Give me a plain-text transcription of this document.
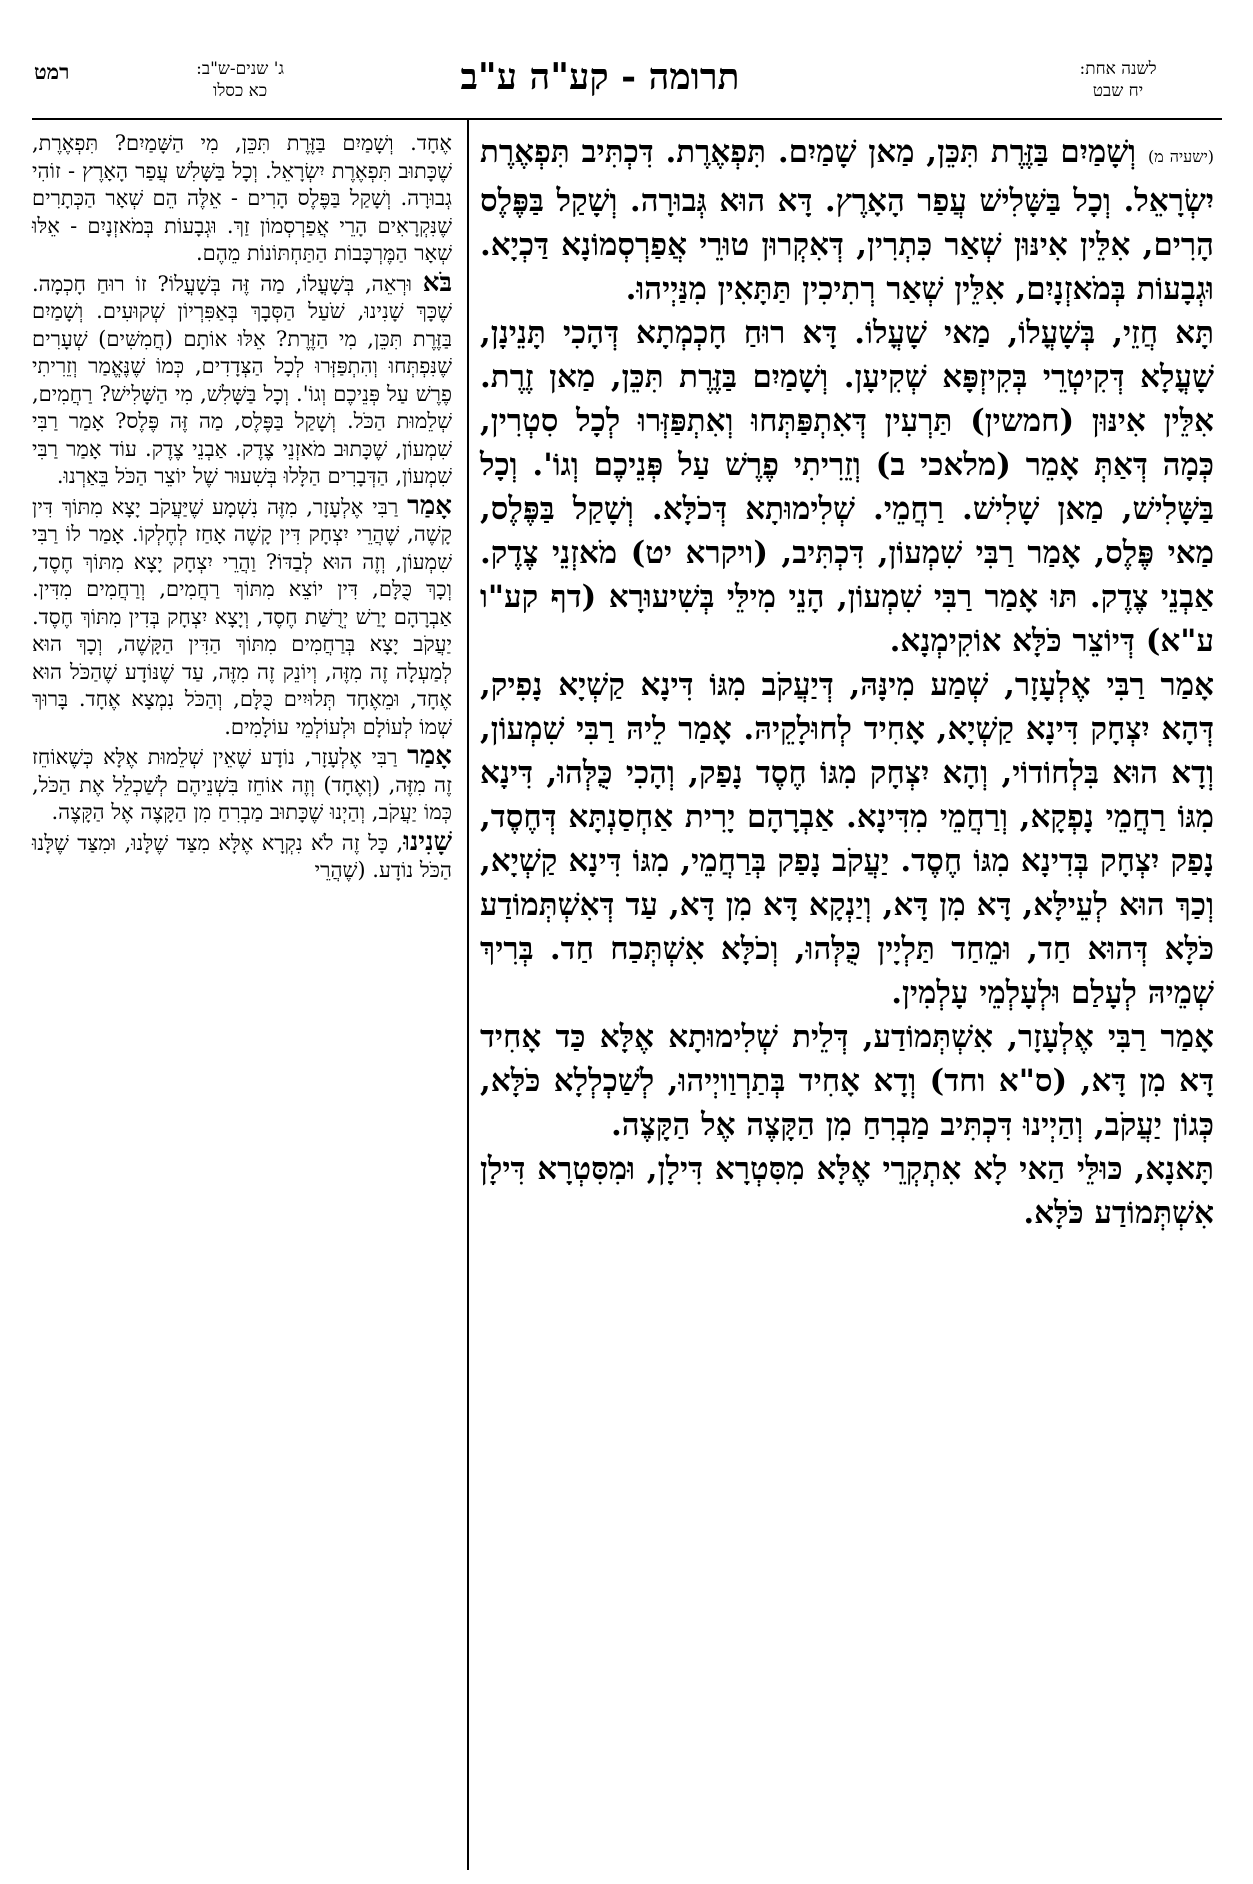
רמט	ג' שנים-ש"ב:
כא כסלו	תרומה - קע"ה ע"ב	לשנה אחת:
יח שבט

(ישעיה מ) וְשָׁמַיִם בַּזֶּרֶת תִּכֵּן, מַאן שָׁמַיִם. תִּפְאֶרֶת. דִּכְתִּיב תִּפְאֶרֶת יִשְׂרָאֵל. וְכָל בַּשָּׁלִישׁ עֲפַר הָאָרֶץ. דָּא הוּא גְּבוּרָה. וְשָׁקַל בַּפֶּלֶס הָרִים, אִלֵּין אִינּוּן שְׁאַר כִּתְרִין, דְּאִקְרוּן טוּרֵי אֲפַרְסְמוֹנָא דַּכְיָא. וּגְבָעוֹת בְּמֹאזְנָיִם, אִלֵּין שְׁאַר רְתִיכִין תַּתָּאִין מִנַּיְיהוּ.

תָּא חֲזֵי, בְּשָׁעֳלוֹ, מַאי שָׁעֳלוֹ. דָּא רוּחַ חָכְמְתָא דְּהָכִי תָּנֵינָן, שָׁעֳלָא דְּקִיטְרֵי בְּקִיזְפָּא שְׁקִיעָן. וְשָׁמַיִם בַּזֶּרֶת תִּכֵּן, מַאן זֶרֶת. אִלֵּין אִינּוּן (חמשין) תַּרְעִין דְּאִתְפַּתְּחוּ וְאִתְפַּזְּרוּ לְכָל סִטְרִין, כְּמָה דְּאַתְּ אָמֵר (מלאכי ב) וְזֵרִיתִי פֶרֶשׁ עַל פְּנֵיכֶם וְגוֹ'. וְכָל בַּשָּׁלִישׁ, מַאן שָׁלִישׁ. רַחֲמֵי. שְׁלִימוּתָא דְּכֹלָּא. וְשָׁקַל בַּפֶּלֶס, מַאי פֶּלֶס, אָמַר רַבִּי שִׁמְעוֹן, דִּכְתִּיב, (ויקרא יט) מֹאזְנֵי צֶדֶק. אַבְנֵי צֶדֶק. תּוּ אָמַר רַבִּי שִׁמְעוֹן, הָנֵי מִילֵּי בְּשִׁיעוּרָא (דף קע"ו ע"א) דְּיוֹצֵר כֹּלָּא אוֹקִימְנָא.

אָמַר רַבִּי אֶלְעָזָר, שְׁמַע מִינָּהּ, דְּיַעֲקֹב מִגּוֹ דִּינָא קַשְׁיָא נָפִיק, דְּהָא יִצְחָק דִּינָא קַשְׁיָא, אָחִיד לְחוּלָקֵיהּ. אָמַר לֵיהּ רַבִּי שִׁמְעוֹן, וְדָא הוּא בִּלְחוֹדוֹי, וְהָא יִצְחָק מִגּוֹ חֶסֶד נָפַק, וְהָכִי כֻּלְּהוּ, דִּינָא מִגּוֹ רַחֲמֵי נָפְקָא, וְרַחֲמֵי מִדִּינָא. אַבְרָהָם יָרִית אַחְסַנְתָּא דְּחֶסֶד, נָפַק יִצְחָק בְּדִינָא מִגּוֹ חֶסֶד. יַעֲקֹב נָפַק בְּרַחֲמֵי, מִגּוֹ דִּינָא קַשְׁיָא, וְכַךְ הוּא לְעֵילָּא, דָּא מִן דָּא, וְיַנְקָא דָּא מִן דָּא, עַד דְּאִשְׁתְּמוֹדַע כֹּלָּא דְּהוּא חַד, וּמֵחַד תַּלְיָין כֻּלְּהוּ, וְכֹלָּא אִשְׁתְּכַח חַד. בְּרִיךְ שְׁמֵיהּ לְעָלַם וּלְעָלְמֵי עָלְמִין.

אָמַר רַבִּי אֶלְעָזָר, אִשְׁתְּמוֹדַע, דְּלֵית שְׁלִימוּתָא אֶלָּא כַּד אָחִיד דָּא מִן דָּא, (ס"א וחד) וְדָא אָחִיד בְּתַרְוַויְיהוּ, לְשַׁכְלְלָא כֹּלָּא, כְּגוֹן יַעֲקֹב, וְהַיְינוּ דִּכְתִּיב מַבְרִחַ מִן הַקָּצֶה אֶל הַקָּצֶה.

תָּאנָא, כּוּלֵּי הַאי לָא אִתְקְרֵי אֶלָּא מִסִּטְרָא דִּילָן, וּמִסִּטְרָא דִּילָן אִשְׁתְּמוֹדַע כֹּלָּא.

אֶחָד. וְשָׁמַיִם בַּזֶּרֶת תִּכֵּן, מִי הַשָּׁמַיִם? תִּפְאֶרֶת, שֶׁכָּתוּב תִּפְאֶרֶת יִשְׂרָאֵל. וְכָל בַּשָּׁלִשׁ עֲפַר הָאָרֶץ - זוֹהִי גְבוּרָה. וְשָׁקַל בַּפֶּלֶס הָרִים - אֵלֶּה הֵם שְׁאָר הַכְּתָרִים שֶׁנִּקְרָאִים הָרֵי אֲפַרְסְמוֹן זַךְ. וּגְבָעוֹת בְּמֹאזְנָיִם - אֵלּוּ שְׁאָר הַמֶּרְכָּבוֹת הַתַּחְתּוֹנוֹת מֵהֶם.

בֹּא וּרְאֵה, בְּשָׁעֳלוֹ, מַה זֶּה בְּשָׁעֳלוֹ? זוֹ רוּחַ חָכְמָה. שֶׁכָּךְ שָׁנִינוּ, שֹׁעַל הַסְּבָךְ בְּאַפִּרְיוֹן שְׁקוּעִים. וְשָׁמַיִם בַּזֶּרֶת תִּכֵּן, מִי הַזֶּרֶת? אֵלּוּ אוֹתָם (חֲמִשִּׁים) שְׁעָרִים שֶׁנִּפְתְּחוּ וְהִתְפַּזְּרוּ לְכָל הַצְּדָדִים, כְּמוֹ שֶׁנֶּאֱמַר וְזֵרִיתִי פֶרֶשׁ עַל פְּנֵיכֶם וְגוֹ'. וְכָל בַּשָּׁלִשׁ, מִי הַשָּׁלִישׁ? רַחֲמִים, שְׁלֵמוּת הַכֹּל. וְשָׁקַל בַּפֶּלֶס, מַה זֶּה פֶּלֶס? אָמַר רַבִּי שִׁמְעוֹן, שֶׁכָּתוּב מֹאזְנֵי צֶדֶק. אַבְנֵי צֶדֶק. עוֹד אָמַר רַבִּי שִׁמְעוֹן, הַדְּבָרִים הַלָּלוּ בְּשִׁעוּר שֶׁל יוֹצֵר הַכֹּל בֵּאַרְנוּ.

אָמַר רַבִּי אֶלְעָזָר, מִזֶּה נִשְׁמָע שֶׁיַּעֲקֹב יָצָא מִתּוֹךְ דִּין קָשֶׁה, שֶׁהֲרֵי יִצְחָק דִּין קָשֶׁה אָחַז לְחֶלְקוֹ. אָמַר לוֹ רַבִּי שִׁמְעוֹן, וְזֶה הוּא לְבַדּוֹ? וַהֲרֵי יִצְחָק יָצָא מִתּוֹךְ חֶסֶד, וְכָךְ כֻּלָּם, דִּין יוֹצֵא מִתּוֹךְ רַחֲמִים, וְרַחֲמִים מִדִּין. אַבְרָהָם יָרַשׁ יְרֻשַּׁת חֶסֶד, וְיָצָא יִצְחָק בְּדִין מִתּוֹךְ חֶסֶד. יַעֲקֹב יָצָא בְּרַחֲמִים מִתּוֹךְ הַדִּין הַקָּשֶׁה, וְכָךְ הוּא לְמַעְלָה זֶה מִזֶּה, וְיוֹנֵק זֶה מִזֶּה, עַד שֶׁנּוֹדָע שֶׁהַכֹּל הוּא אֶחָד, וּמֵאֶחָד תְּלוּיִים כֻּלָּם, וְהַכֹּל נִמְצָא אֶחָד. בָּרוּךְ שְׁמוֹ לְעוֹלָם וּלְעוֹלְמֵי עוֹלָמִים.

אָמַר רַבִּי אֶלְעָזָר, נוֹדָע שֶׁאֵין שְׁלֵמוּת אֶלָּא כְּשֶׁאוֹחֵז זֶה מִזֶּה, (וְאֶחָד) וְזֶה אוֹחֵז בִּשְׁנֵיהֶם לְשַׁכְלֵל אֶת הַכֹּל, כְּמוֹ יַעֲקֹב, וְהַיְנוּ שֶׁכָּתוּב מַבְרִחַ מִן הַקָּצֶה אֶל הַקָּצֶה.

שָׁנִינוּ, כָּל זֶה לֹא נִקְרָא אֶלָּא מִצַּד שֶׁלָּנוּ, וּמִצַּד שֶׁלָּנוּ הַכֹּל נוֹדָע. (שֶׁהֲרֵי
